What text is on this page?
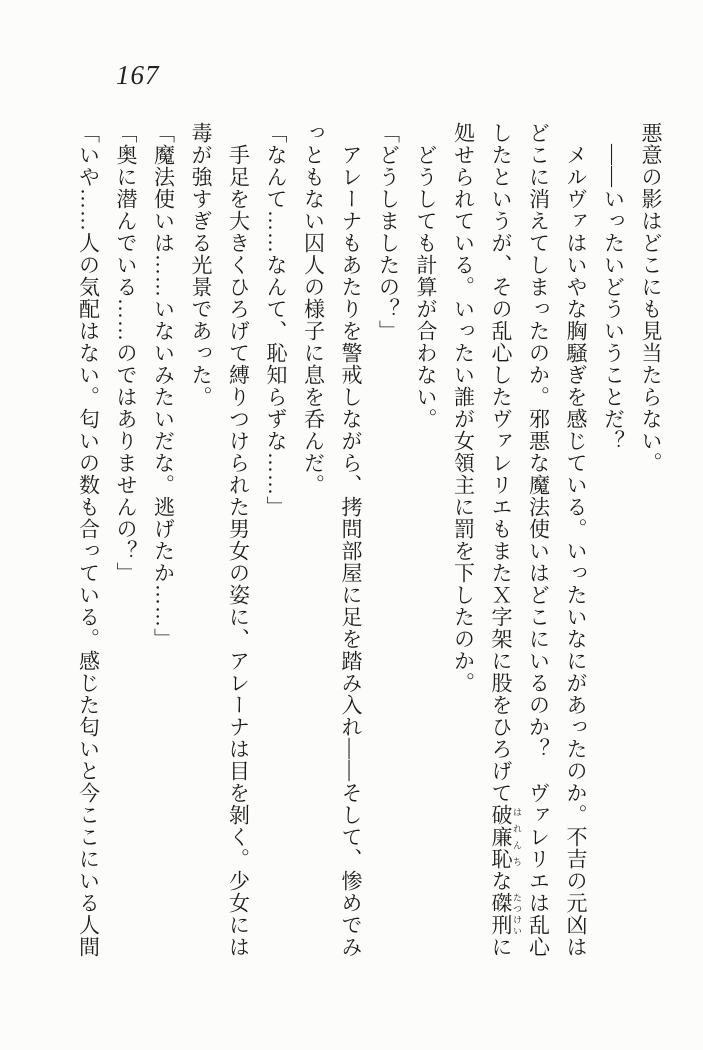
167

悪意の影はどこにも見当たらない。

――いったいどういうことだ？

メルヴァはいやな胸騒ぎを感じている。いったいなにがあったのか。不吉の元凶はどこに消えてしまったのか。邪悪な魔法使いはどこにいるのか？　ヴァレリエは乱心したというが、その乱心したヴァレリエもまたＸ字架に股をひろげて破廉恥 はれんちな磔刑 たつけいに処せられている。いったい誰が女領主に罰を下したのか。

どうしても計算が合わない。

「どうしましたの？」

アレーナもあたりを警戒しながら、拷問部屋に足を踏み入れ――そして、惨めでみっともない囚人の様子に息を呑んだ。

「なんて……なんて、恥知らずな……」

手足を大きくひろげて縛りつけられた男女の姿に、アレーナは目を剝く。少女には毒が強すぎる光景であった。

「魔法使いは……いないみたいだな。逃げたか……」

「奥に潜んでいる……のではありませんの？」

「いや……人の気配はない。匂いの数も合っている。感じた匂いと今ここにいる人間
